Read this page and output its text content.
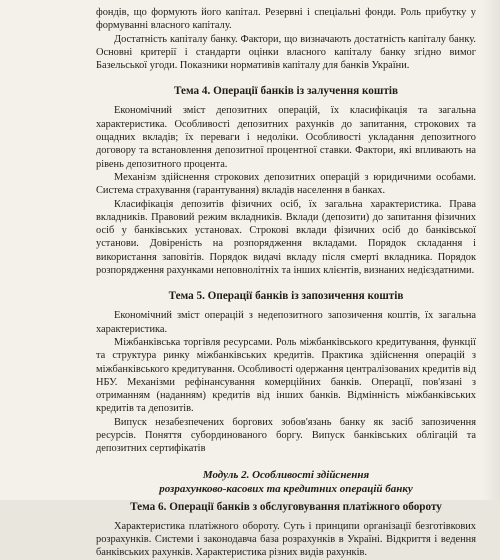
фондів, що формують його капітал. Резервні і спеціальні фонди. Роль прибутку у формуванні власного капіталу.

Достатність капіталу банку. Фактори, що визначають достатність капіталу банку. Основні критерії і стандарти оцінки власного капіталу банку згідно вимог Базельської угоди. Показники нормативів капіталу для банків України.

Тема 4. Операції банків із залучення коштів

Економічний зміст депозитних операцій, їх класифікація та загальна характеристика. Особливості депозитних рахунків до запитання, строкових та ощадних вкладів; їх переваги і недоліки. Особливості укладання депозитного договору та встановлення депозитної процентної ставки. Фактори, які впливають на рівень депозитного процента.

Механізм здійснення строкових депозитних операцій з юридичними особами. Система страхування (гарантування) вкладів населення в банках.

Класифікація депозитів фізичних осіб, їх загальна характеристика. Права вкладників. Правовий режим вкладників. Вклади (депозити) до запитання фізичних осіб у банківських установах. Строкові вклади фізичних осіб до банківської установи. Довіреність на розпорядження вкладами. Порядок складання і використання заповітів. Порядок видачі вкладу після смерті вкладника. Порядок розпорядження рахунками неповнолітніх та інших клієнтів, визнаних недієздатними.

Тема 5. Операції банків із запозичення коштів

Економічний зміст операцій з недепозитного запозичення коштів, їх загальна характеристика.

Міжбанківська торгівля ресурсами. Роль міжбанківського кредитування, функції та структура ринку міжбанківських кредитів. Практика здійснення операцій з міжбанківського кредитування. Особливості одержання централізованих кредитів від НБУ. Механізми рефінансування комерційних банків. Операції, пов'язані з отриманням (наданням) кредитів від інших банків. Відмінність міжбанківських кредитів та депозитів.

Випуск незабезпечених боргових зобов'язань банку як засіб запозичення ресурсів. Поняття субординованого боргу. Випуск банківських облігацій та депозитних сертифікатів

Модуль 2. Особливості здійснення
розрахунково-касових та кредитних операцій банку
Тема 6. Операції банків з обслуговування платіжного обороту

Характеристика платіжного обороту. Суть і принципи організації безготівкових розрахунків. Системи і законодавча база розрахунків в Україні. Відкриття і ведення банківських рахунків. Характеристика різних видів рахунків.
